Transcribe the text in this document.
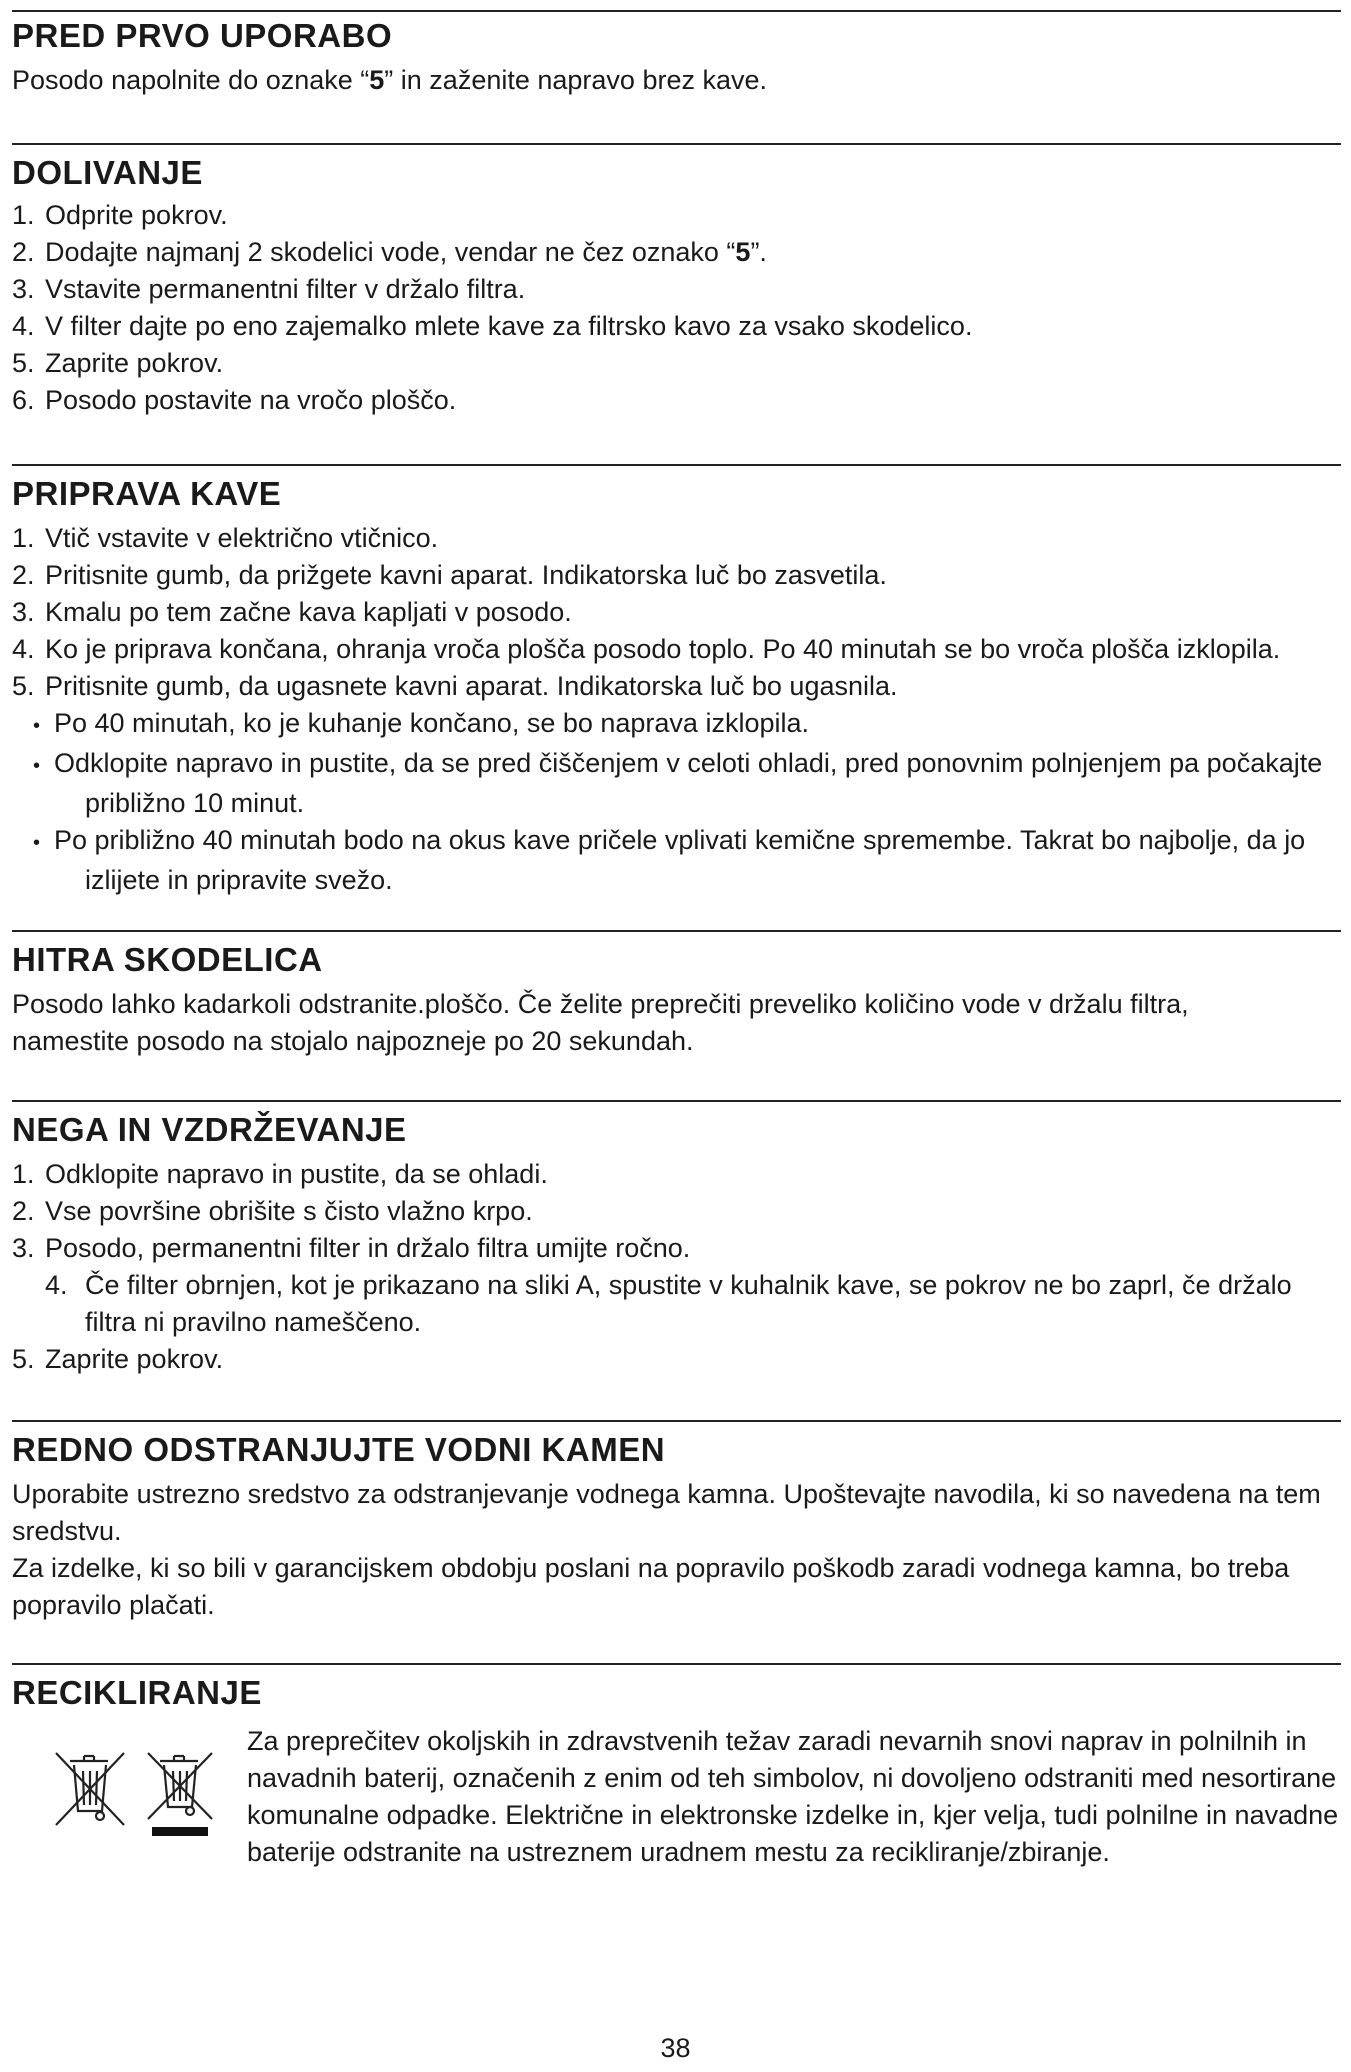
PRED PRVO UPORABO

Posodo napolnite do oznake “5” in zaženite napravo brez kave.

DOLIVANJE
1. Odprite pokrov.
2. Dodajte najmanj 2 skodelici vode, vendar ne čez oznako “5”.
3. Vstavite permanentni filter v držalo filtra.
4. V filter dajte po eno zajemalko mlete kave za filtrsko kavo za vsako skodelico.
5. Zaprite pokrov.
6. Posodo postavite na vročo ploščo.
PRIPRAVA KAVE
1. Vtič vstavite v električno vtičnico.
2. Pritisnite gumb, da prižgete kavni aparat. Indikatorska luč bo zasvetila.
3. Kmalu po tem začne kava kapljati v posodo.
4. Ko je priprava končana, ohranja vroča plošča posodo toplo. Po 40 minutah se bo vroča plošča izklopila.
5. Pritisnite gumb, da ugasnete kavni aparat. Indikatorska luč bo ugasnila.
• Po 40 minutah, ko je kuhanje končano, se bo naprava izklopila.
• Odklopite napravo in pustite, da se pred čiščenjem v celoti ohladi, pred ponovnim polnjenjem pa počakajte približno 10 minut.
• Po približno 40 minutah bodo na okus kave pričele vplivati kemične spremembe. Takrat bo najbolje, da jo izlijete in pripravite svežo.
HITRA SKODELICA

Posodo lahko kadarkoli odstranite.ploščo. Če želite preprečiti preveliko količino vode v držalu filtra, namestite posodo na stojalo najpozneje po 20 sekundah.

NEGA IN VZDRŽEVANJE
1. Odklopite napravo in pustite, da se ohladi.
2. Vse površine obrišite s čisto vlažno krpo.
3. Posodo, permanentni filter in držalo filtra umijte ročno.
4. Če filter obrnjen, kot je prikazano na sliki A, spustite v kuhalnik kave, se pokrov ne bo zaprl, če držalo filtra ni pravilno nameščeno.
5. Zaprite pokrov.
REDNO ODSTRANJUJTE VODNI KAMEN

Uporabite ustrezno sredstvo za odstranjevanje vodnega kamna. Upoštevajte navodila, ki so navedena na tem sredstvu.

Za izdelke, ki so bili v garancijskem obdobju poslani na popravilo poškodb zaradi vodnega kamna, bo treba popravilo plačati.

RECIKLIRANJE

Za preprečitev okoljskih in zdravstvenih težav zaradi nevarnih snovi naprav in polnilnih in navadnih baterij, označenih z enim od teh simbolov, ni dovoljeno odstraniti med nesortirane komunalne odpadke. Električne in elektronske izdelke in, kjer velja, tudi polnilne in navadne baterije odstranite na ustreznem uradnem mestu za recikliranje/zbiranje.

38
